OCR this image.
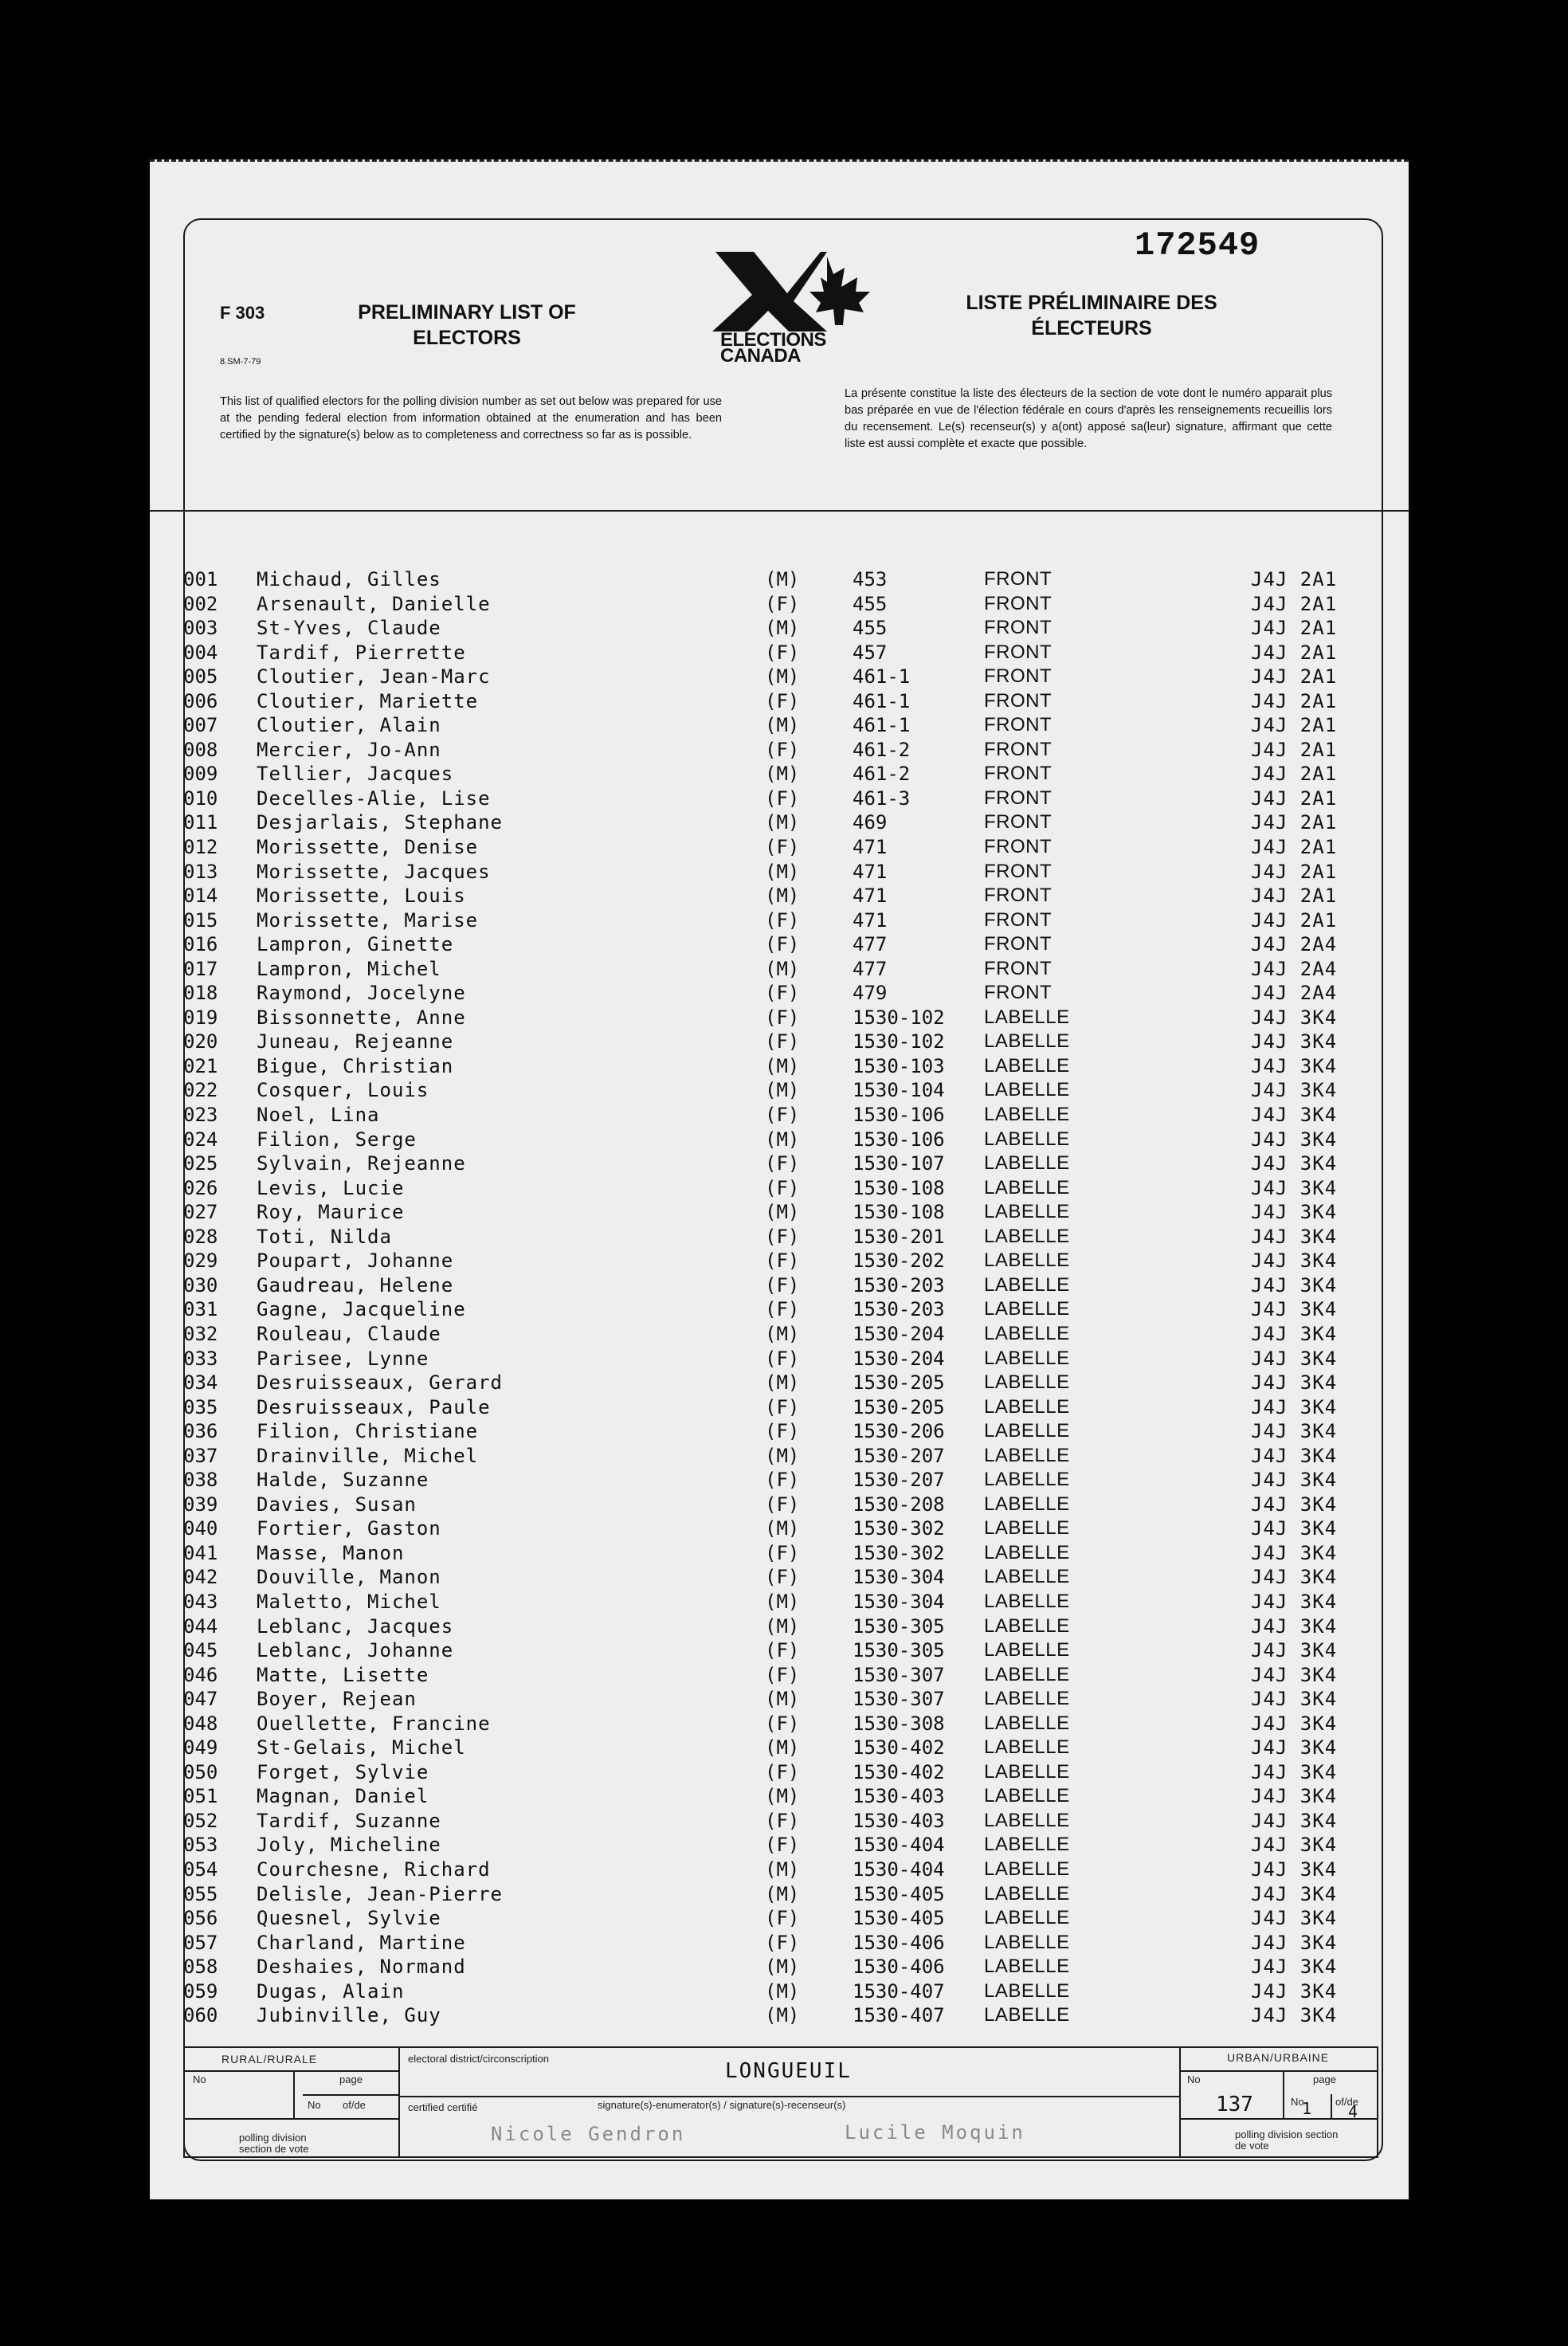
172549
F 303
8.SM-7-79
PRELIMINARY LIST OF ELECTORS	ELECTIONS
CANADA
LISTE PRÉLIMINAIRE DES ÉLECTEURS
This list of qualified electors for the polling division number as set out below was prepared for use at the pending federal election from information obtained at the enumeration and has been certified by the signature(s) below as to completeness and correctness so far as is possible.
La présente constitue la liste des électeurs de la section de vote dont le numéro apparait plus bas préparée en vue de l'élection fédérale en cours d'après les renseignements recueillis lors du recensement. Le(s) recenseur(s) y a(ont) apposé sa(leur) signature, affirmant que cette liste est aussi complète et exacte que possible.
001 Michaud, Gilles	(M)	453	FRONT	J4J 2A1
002 Arsenault, Danielle	(F)	455	FRONT	J4J 2A1
003 St-Yves, Claude	(M)	455	FRONT	J4J 2A1
004 Tardif, Pierrette	(F)	457	FRONT	J4J 2A1
005 Cloutier, Jean-Marc	(M)	461-1	FRONT	J4J 2A1
006 Cloutier, Mariette	(F)	461-1	FRONT	J4J 2A1
007 Cloutier, Alain	(M)	461-1	FRONT	J4J 2A1
008 Mercier, Jo-Ann	(F)	461-2	FRONT	J4J 2A1
009 Tellier, Jacques	(M)	461-2	FRONT	J4J 2A1
010 Decelles-Alie, Lise	(F)	461-3	FRONT	J4J 2A1
011 Desjarlais, Stephane	(M)	469	FRONT	J4J 2A1
012 Morissette, Denise	(F)	471	FRONT	J4J 2A1
013 Morissette, Jacques	(M)	471	FRONT	J4J 2A1
014 Morissette, Louis	(M)	471	FRONT	J4J 2A1
015 Morissette, Marise	(F)	471	FRONT	J4J 2A1
016 Lampron, Ginette	(F)	477	FRONT	J4J 2A4
017 Lampron, Michel	(M)	477	FRONT	J4J 2A4
018 Raymond, Jocelyne	(F)	479	FRONT	J4J 2A4
019 Bissonnette, Anne	(F)	1530-102 LABELLE	J4J 3K4
020 Juneau, Rejeanne	(F)	1530-102 LABELLE	J4J 3K4
021 Bigue, Christian	(M)	1530-103 LABELLE	J4J 3K4
022 Cosquer, Louis	(M)	1530-104 LABELLE	J4J 3K4
023 Noel, Lina	(F)	1530-106 LABELLE	J4J 3K4
024 Filion, Serge	(M)	1530-106 LABELLE	J4J 3K4
025 Sylvain, Rejeanne	(F)	1530-107 LABELLE	J4J 3K4
026 Levis, Lucie	(F)	1530-108 LABELLE	J4J 3K4
027 Roy, Maurice	(M)	1530-108 LABELLE	J4J 3K4
028 Toti, Nilda	(F)	1530-201 LABELLE	J4J 3K4
029 Poupart, Johanne	(F)	1530-202 LABELLE	J4J 3K4
030 Gaudreau, Helene	(F)	1530-203 LABELLE	J4J 3K4
031 Gagne, Jacqueline	(F)	1530-203 LABELLE	J4J 3K4
032 Rouleau, Claude	(M)	1530-204 LABELLE	J4J 3K4
033 Parisee, Lynne	(F)	1530-204 LABELLE	J4J 3K4
034 Desruisseaux, Gerard	(M)	1530-205 LABELLE	J4J 3K4
035 Desruisseaux, Paule	(F)	1530-205 LABELLE	J4J 3K4
036 Filion, Christiane	(F)	1530-206 LABELLE	J4J 3K4
037 Drainville, Michel	(M)	1530-207 LABELLE	J4J 3K4
038 Halde, Suzanne	(F)	1530-207 LABELLE	J4J 3K4
039 Davies, Susan	(F)	1530-208 LABELLE	J4J 3K4
040 Fortier, Gaston	(M)	1530-302 LABELLE	J4J 3K4
041 Masse, Manon	(F)	1530-302 LABELLE	J4J 3K4
042 Douville, Manon	(F)	1530-304 LABELLE	J4J 3K4
043 Maletto, Michel	(M)	1530-304 LABELLE	J4J 3K4
044 Leblanc, Jacques	(M)	1530-305 LABELLE	J4J 3K4
045 Leblanc, Johanne	(F)	1530-305 LABELLE	J4J 3K4
046 Matte, Lisette	(F)	1530-307 LABELLE	J4J 3K4
047 Boyer, Rejean	(M)	1530-307 LABELLE	J4J 3K4
048 Ouellette, Francine	(F)	1530-308 LABELLE	J4J 3K4
049 St-Gelais, Michel	(M)	1530-402 LABELLE	J4J 3K4
050 Forget, Sylvie	(F)	1530-402 LABELLE	J4J 3K4
051 Magnan, Daniel	(M)	1530-403 LABELLE	J4J 3K4
052 Tardif, Suzanne	(F)	1530-403 LABELLE	J4J 3K4
053 Joly, Micheline	(F)	1530-404 LABELLE	J4J 3K4
054 Courchesne, Richard	(M)	1530-404 LABELLE	J4J 3K4
055 Delisle, Jean-Pierre	(M)	1530-405 LABELLE	J4J 3K4
056 Quesnel, Sylvie	(F)	1530-405 LABELLE	J4J 3K4
057 Charland, Martine	(F)	1530-406 LABELLE	J4J 3K4
058 Deshaies, Normand	(M)	1530-406 LABELLE	J4J 3K4
059 Dugas, Alain	(M)	1530-407 LABELLE	J4J 3K4
060 Jubinville, Guy	(M)	1530-407 LABELLE	J4J 3K4
RURAL/RURALE
No	page
No of/de
polling division section de vote
electoral district/circonscription
LONGUEUIL
certified certifié	signature(s)-enumerator(s) / signature(s)-recenseur(s)
Nicole Gendron	Lucile Moquin
URBAN/URBAINE
No	page
137	No
1 of/de
4
polling division section de vote
